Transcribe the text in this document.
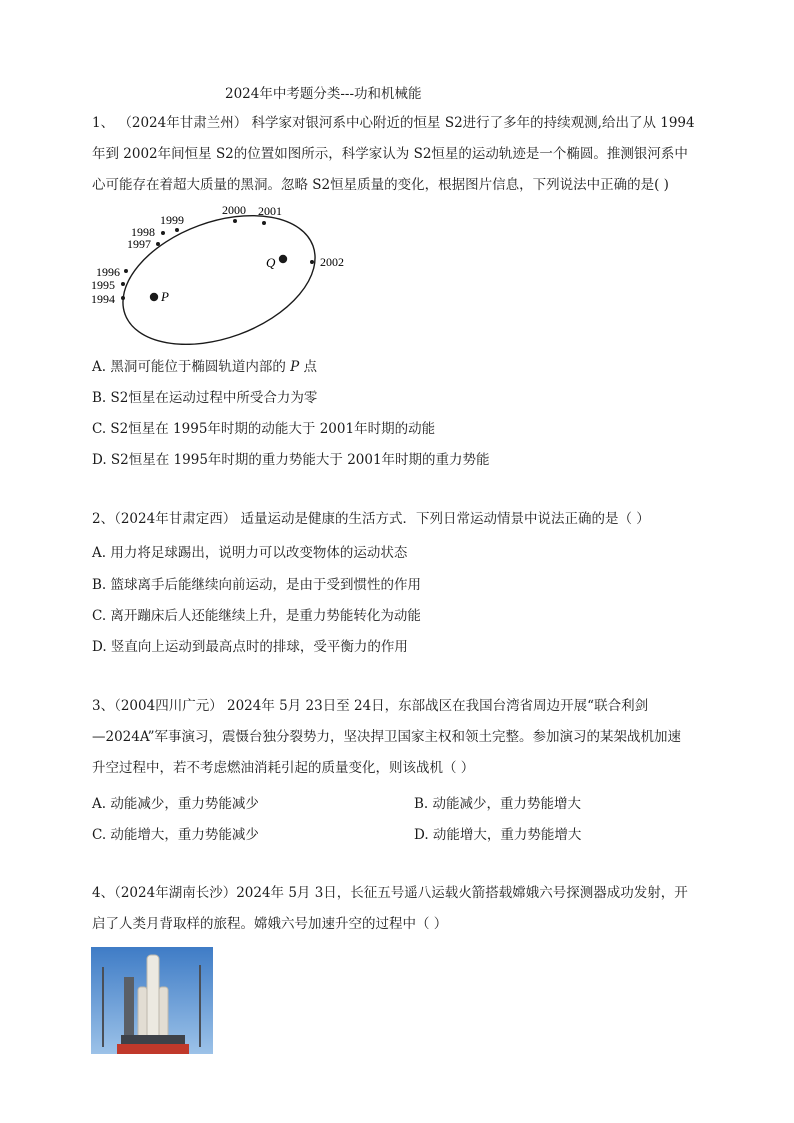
2024年中考题分类---功和机械能
1、 （2024年甘肃兰州） 科学家对银河系中心附近的恒星 S2进行了多年的持续观测,给出了从 1994
年到 2002年间恒星 S2的位置如图所示，科学家认为 S2恒星的运动轨迹是一个椭圆。推测银河系中
心可能存在着超大质量的黑洞。忽略 S2恒星质量的变化，根据图片信息，下列说法中正确的是( )
1994
1995
1996
1997
1998
1999
2000 2001
2002
P
Q
A. 黑洞可能位于椭圆轨道内部的 P 点
B. S2恒星在运动过程中所受合力为零
C. S2恒星在 1995年时期的动能大于 2001年时期的动能
D. S2恒星在 1995年时期的重力势能大于 2001年时期的重力势能
2、（2024年甘肃定西） 适量运动是健康的生活方式．下列日常运动情景中说法正确的是（ ）
A. 用力将足球踢出，说明力可以改变物体的运动状态
B. 篮球离手后能继续向前运动，是由于受到惯性的作用
C. 离开蹦床后人还能继续上升，是重力势能转化为动能
D. 竖直向上运动到最高点时的排球，受平衡力的作用
3、（2004四川广元） 2024年 5月 23日至 24日，东部战区在我国台湾省周边开展“联合利剑
—2024A”军事演习，震慑台独分裂势力，坚决捍卫国家主权和领土完整。参加演习的某架战机加速
升空过程中，若不考虑燃油消耗引起的质量变化，则该战机（ ）
A. 动能减少，重力势能减少	B. 动能减少，重力势能增大
C. 动能增大，重力势能减少	D. 动能增大，重力势能增大
4、（2024年湖南长沙）2024年 5月 3日，长征五号遥八运载火箭搭载嫦娥六号探测器成功发射，开
启了人类月背取样的旅程。嫦娥六号加速升空的过程中（ ）
